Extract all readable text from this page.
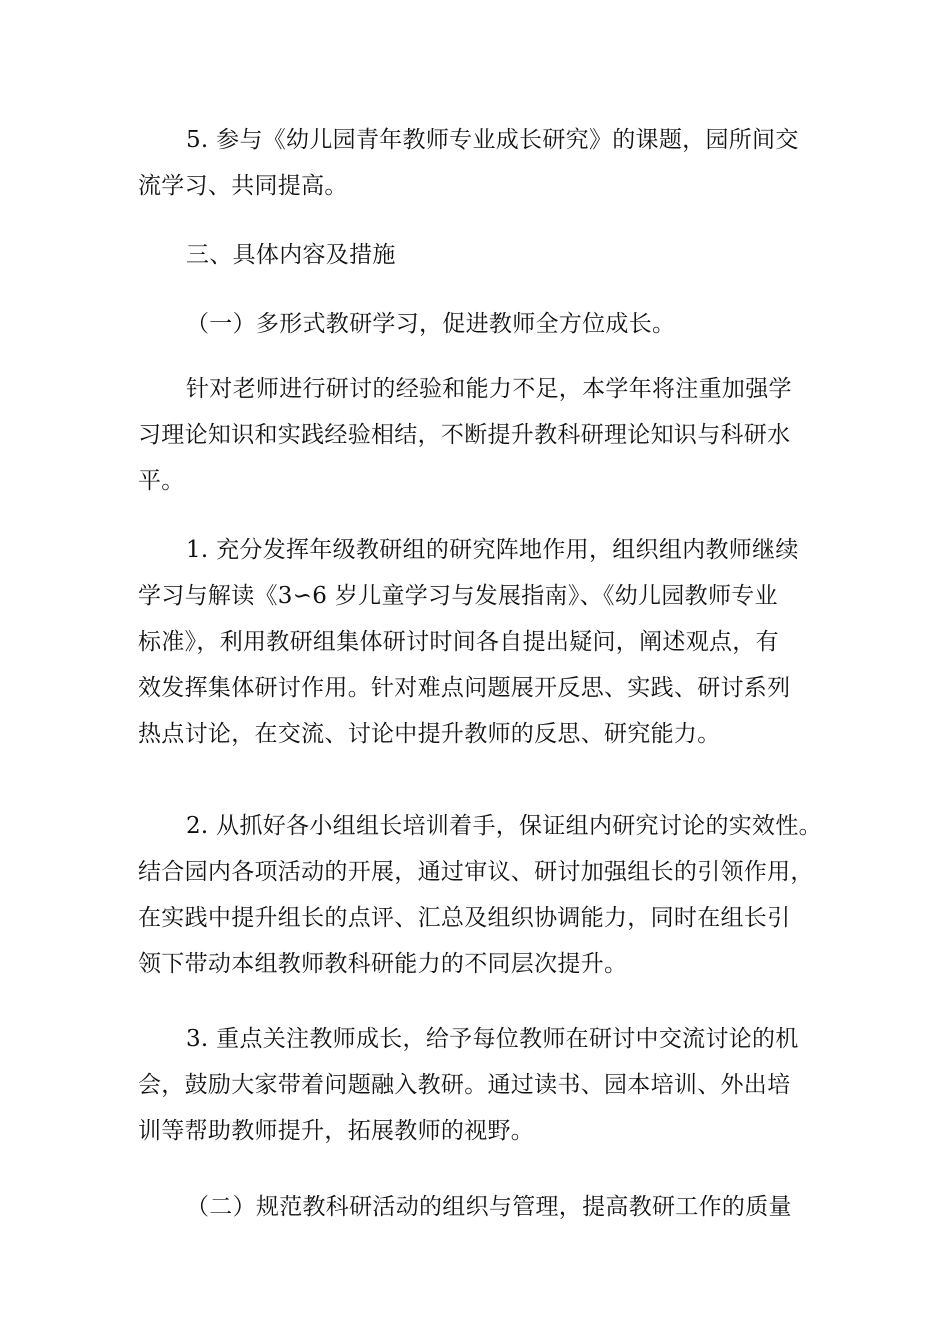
5. 参与《幼儿园青年教师专业成长研究》的课题，园所间交
流学习、共同提高。
三、具体内容及措施
（一）多形式教研学习，促进教师全方位成长。
针对老师进行研讨的经验和能力不足，本学年将注重加强学
习理论知识和实践经验相结，不断提升教科研理论知识与科研水
平。
1. 充分发挥年级教研组的研究阵地作用，组织组内教师继续
学习与解读《3∽6 岁儿童学习与发展指南》、《幼儿园教师专业
标准》，利用教研组集体研讨时间各自提出疑问，阐述观点，有
效发挥集体研讨作用。针对难点问题展开反思、实践、研讨系列
热点讨论，在交流、讨论中提升教师的反思、研究能力。
2. 从抓好各小组组长培训着手，保证组内研究讨论的实效性。
结合园内各项活动的开展，通过审议、研讨加强组长的引领作用，
在实践中提升组长的点评、汇总及组织协调能力，同时在组长引
领下带动本组教师教科研能力的不同层次提升。
3. 重点关注教师成长，给予每位教师在研讨中交流讨论的机
会，鼓励大家带着问题融入教研。通过读书、园本培训、外出培
训等帮助教师提升，拓展教师的视野。
（二）规范教科研活动的组织与管理，提高教研工作的质量
